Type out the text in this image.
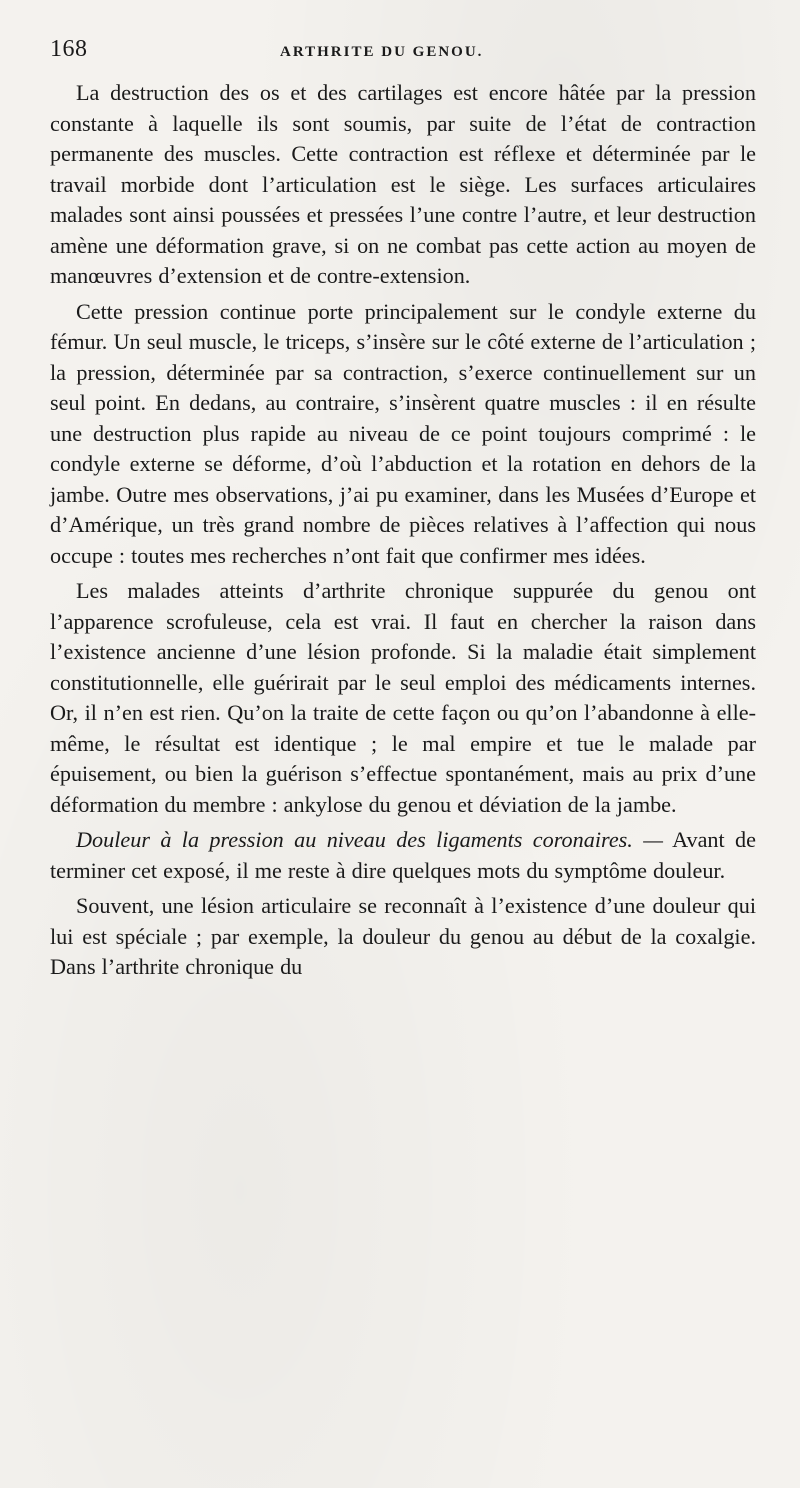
168	ARTHRITE DU GENOU.

La destruction des os et des cartilages est encore hâtée par la pression constante à laquelle ils sont soumis, par suite de l’état de contraction permanente des muscles. Cette contraction est réflexe et déterminée par le travail morbide dont l’articulation est le siège. Les surfaces articulaires malades sont ainsi poussées et pressées l’une contre l’autre, et leur destruction amène une déformation grave, si on ne combat pas cette action au moyen de manœuvres d’extension et de contre-extension.

Cette pression continue porte principalement sur le condyle externe du fémur. Un seul muscle, le triceps, s’insère sur le côté externe de l’articulation ; la pression, déterminée par sa contraction, s’exerce continuellement sur un seul point. En dedans, au contraire, s’insèrent quatre muscles : il en résulte une destruction plus rapide au niveau de ce point toujours comprimé : le condyle externe se déforme, d’où l’abduction et la rotation en dehors de la jambe. Outre mes observations, j’ai pu examiner, dans les Musées d’Europe et d’Amérique, un très grand nombre de pièces relatives à l’affection qui nous occupe : toutes mes recherches n’ont fait que confirmer mes idées.

Les malades atteints d’arthrite chronique suppurée du genou ont l’apparence scrofuleuse, cela est vrai. Il faut en chercher la raison dans l’existence ancienne d’une lésion profonde. Si la maladie était simplement constitutionnelle, elle guérirait par le seul emploi des médicaments internes. Or, il n’en est rien. Qu’on la traite de cette façon ou qu’on l’abandonne à elle-même, le résultat est identique ; le mal empire et tue le malade par épuisement, ou bien la guérison s’effectue spontanément, mais au prix d’une déformation du membre : ankylose du genou et déviation de la jambe.

Douleur à la pression au niveau des ligaments coronaires. — Avant de terminer cet exposé, il me reste à dire quelques mots du symptôme douleur.

Souvent, une lésion articulaire se reconnaît à l’existence d’une douleur qui lui est spéciale ; par exemple, la douleur du genou au début de la coxalgie. Dans l’arthrite chronique du
